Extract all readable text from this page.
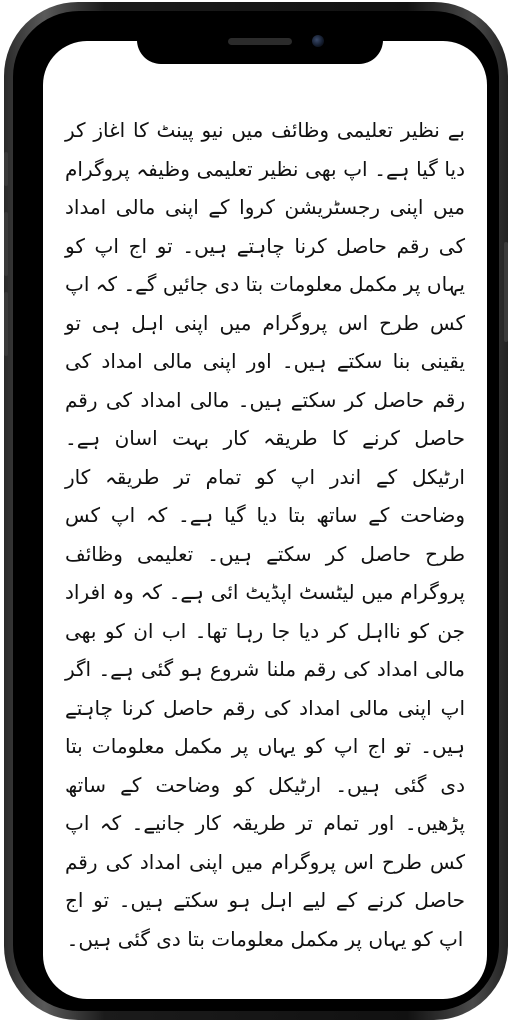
بے نظیر تعلیمی وظائف میں نیو پینٹ کا اغاز کر دیا گیا ہے۔ اپ بھی نظیر تعلیمی وظیفہ پروگرام میں اپنی رجسٹریشن کروا کے اپنی مالی امداد کی رقم حاصل کرنا چاہتے ہیں۔ تو اج اپ کو یہاں پر مکمل معلومات بتا دی جائیں گے۔ کہ اپ کس طرح اس پروگرام میں اپنی اہل ہی تو یقینی بنا سکتے ہیں۔ اور اپنی مالی امداد کی رقم حاصل کر سکتے ہیں۔ مالی امداد کی رقم حاصل کرنے کا طریقہ کار بہت اسان ہے۔ ارٹیکل کے اندر اپ کو تمام تر طریقہ کار وضاحت کے ساتھ بتا دیا گیا ہے۔ کہ اپ کس طرح حاصل کر سکتے ہیں۔ تعلیمی وظائف پروگرام میں لیٹسٹ اپڈیٹ ائی ہے۔ کہ وہ افراد جن کو نااہل کر دیا جا رہا تھا۔ اب ان کو بھی مالی امداد کی رقم ملنا شروع ہو گئی ہے۔ اگر اپ اپنی مالی امداد کی رقم حاصل کرنا چاہتے ہیں۔ تو اج اپ کو یہاں پر مکمل معلومات بتا دی گئی ہیں۔ ارٹیکل کو وضاحت کے ساتھ پڑھیں۔ اور تمام تر طریقہ کار جانیے۔ کہ اپ کس طرح اس پروگرام میں اپنی امداد کی رقم حاصل کرنے کے لیے اہل ہو سکتے ہیں۔ تو اج اپ کو یہاں پر مکمل معلومات بتا دی گئی ہیں۔
